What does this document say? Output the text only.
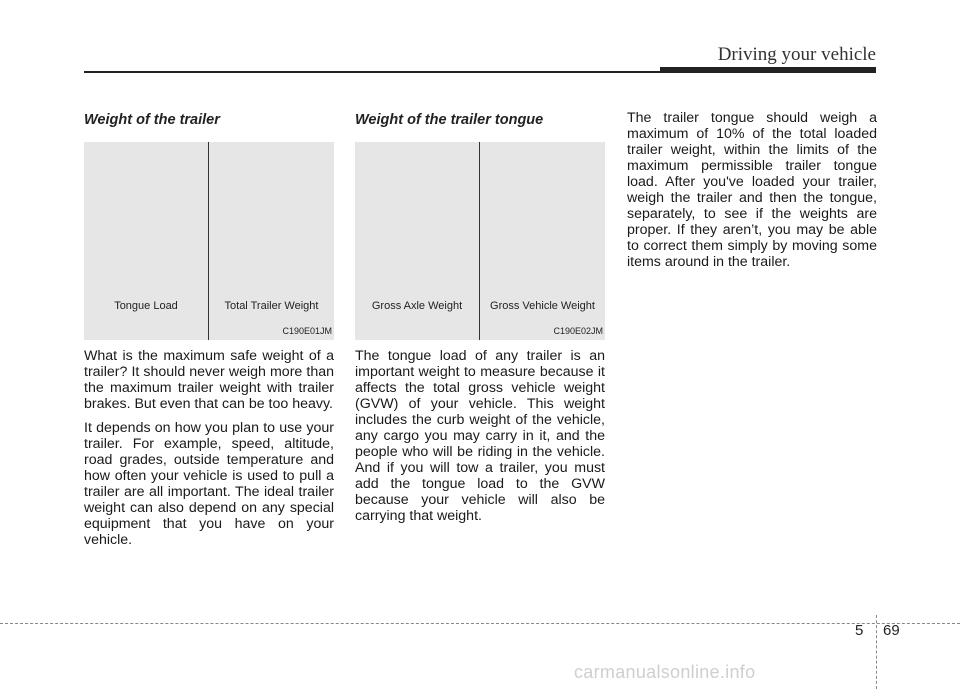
Driving your vehicle
Weight of the trailer
Tongue Load	Total Trailer Weight
C190E01JM

What is the maximum safe weight of a trailer? It should never weigh more than the maximum trailer weight with trailer brakes. But even that can be too heavy.

It depends on how you plan to use your trailer. For example, speed, altitude, road grades, outside temperature and how often your vehicle is used to pull a trailer are all important. The ideal trailer weight can also depend on any special equipment that you have on your vehicle.

Weight of the trailer tongue
Gross Axle Weight	Gross Vehicle Weight
C190E02JM

The tongue load of any trailer is an important weight to measure because it affects the total gross vehicle weight (GVW) of your vehicle. This weight includes the curb weight of the vehicle, any cargo you may carry in it, and the people who will be riding in the vehicle. And if you will tow a trailer, you must add the tongue load to the GVW because your vehicle will also be carrying that weight.

The trailer tongue should weigh a maximum of 10% of the total loaded trailer weight, within the limits of the maximum permissible trailer tongue load. After you've loaded your trailer, weigh the trailer and then the tongue, separately, to see if the weights are proper. If they aren’t, you may be able to correct them simply by moving some items around in the trailer.

5 69
carmanualsonline.info
